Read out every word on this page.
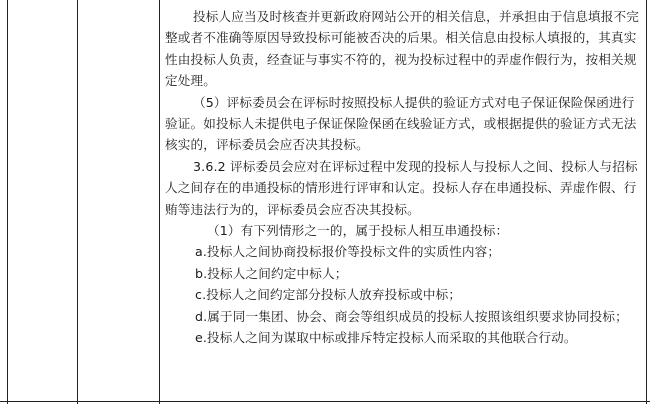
投标人应当及时核查并更新政府网站公开的相关信息，并承担由于信息填报不完整或者不准确等原因导致投标可能被否决的后果。相关信息由投标人填报的，其真实性由投标人负责，经查证与事实不符的，视为投标过程中的弄虚作假行为，按相关规定处理。

（5）评标委员会在评标时按照投标人提供的验证方式对电子保证保险保函进行验证。如投标人未提供电子保证保险保函在线验证方式，或根据提供的验证方式无法核实的，评标委员会应否决其投标。

3.6.2 评标委员会应对在评标过程中发现的投标人与投标人之间、投标人与招标人之间存在的串通投标的情形进行评审和认定。投标人存在串通投标、弄虚作假、行贿等违法行为的，评标委员会应否决其投标。

（1）有下列情形之一的，属于投标人相互串通投标：

a.投标人之间协商投标报价等投标文件的实质性内容；

b.投标人之间约定中标人；

c.投标人之间约定部分投标人放弃投标或中标；

d.属于同一集团、协会、商会等组织成员的投标人按照该组织要求协同投标；

e.投标人之间为谋取中标或排斥特定投标人而采取的其他联合行动。
